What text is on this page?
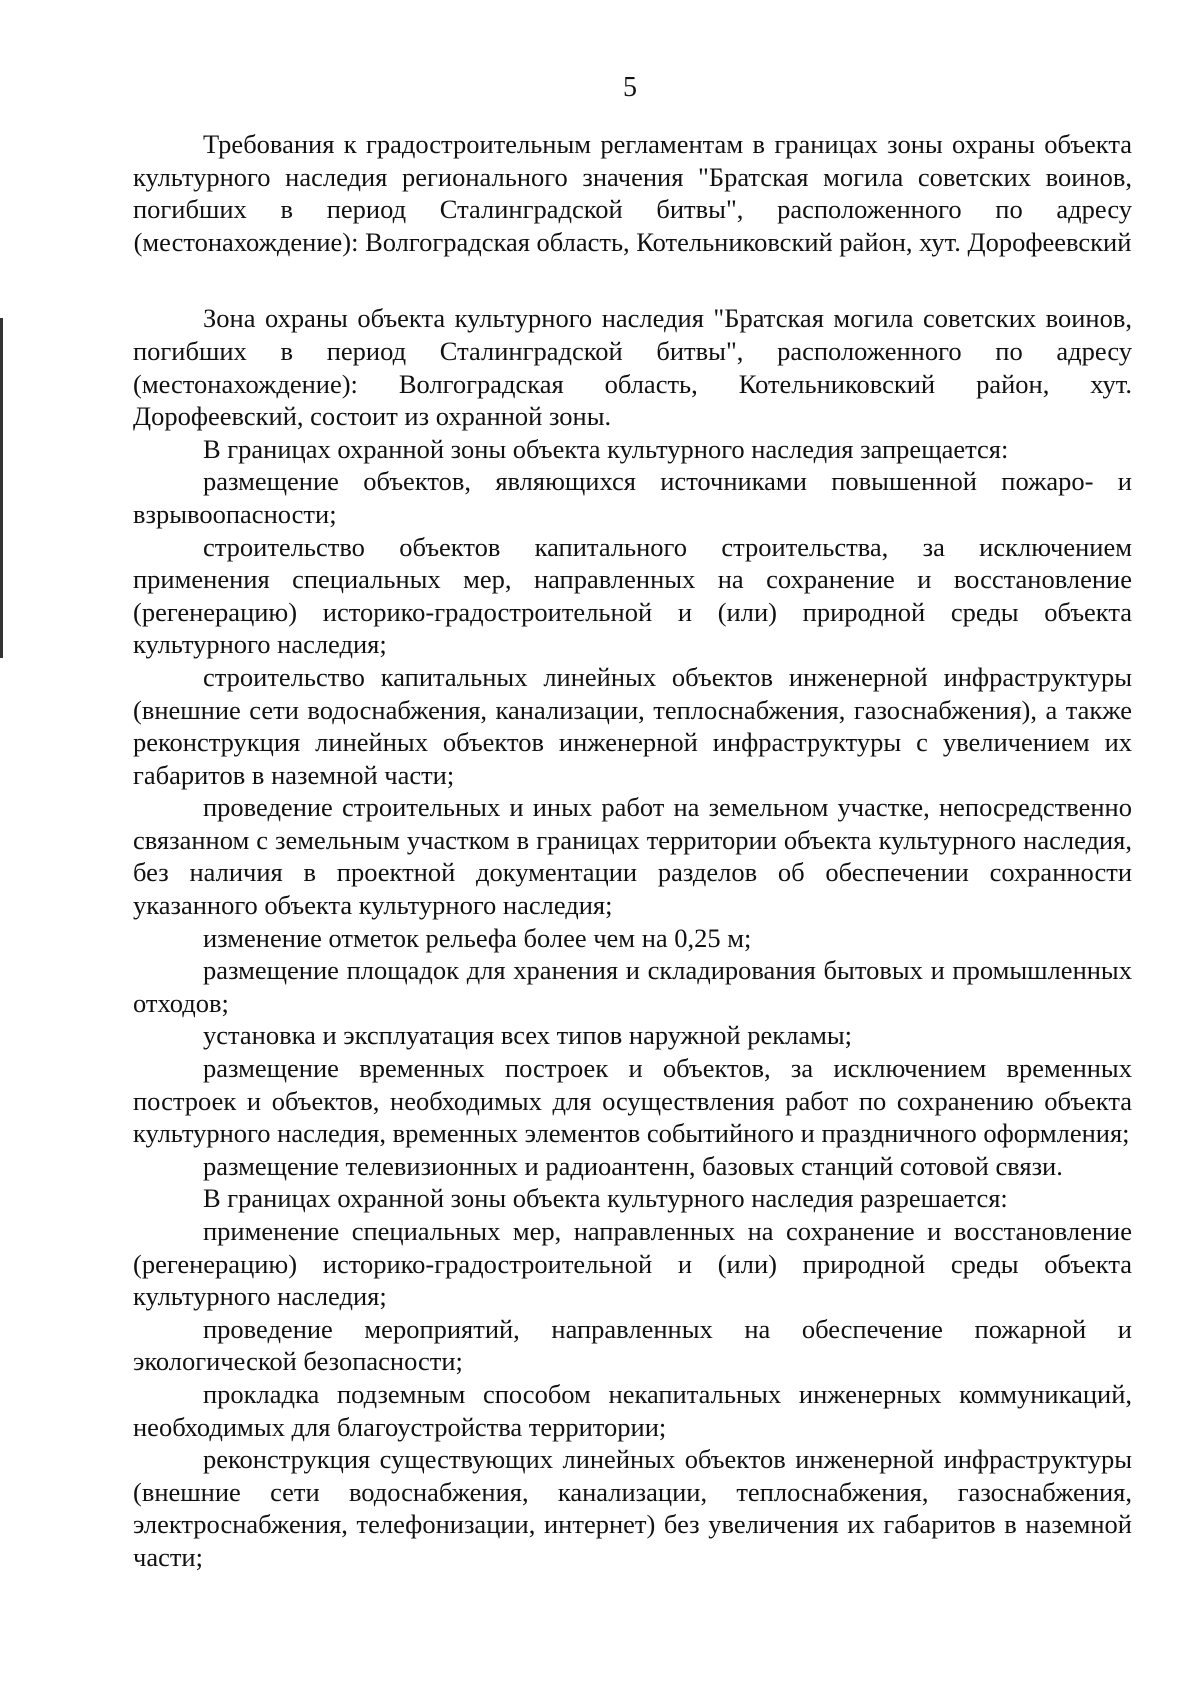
5

Требования к градостроительным регламентам в границах зоны охраны объекта культурного наследия регионального значения "Братская могила советских воинов, погибших в период Сталинградской битвы", расположенного по адресу (местонахождение): Волгоградская область, Котельниковский район, хут. Дорофеевский

Зона охраны объекта культурного наследия "Братская могила советских воинов, погибших в период Сталинградской битвы", расположенного по адресу (местонахождение): Волгоградская область, Котельниковский район, хут. Дорофеевский, состоит из охранной зоны.

В границах охранной зоны объекта культурного наследия запрещается:

размещение объектов, являющихся источниками повышенной пожаро- и взрывоопасности;

строительство объектов капитального строительства, за исключением применения специальных мер, направленных на сохранение и восстановление (регенерацию) историко-градостроительной и (или) природной среды объекта культурного наследия;

строительство капитальных линейных объектов инженерной инфраструктуры (внешние сети водоснабжения, канализации, теплоснабжения, газоснабжения), а также реконструкция линейных объектов инженерной инфраструктуры с увеличением их габаритов в наземной части;

проведение строительных и иных работ на земельном участке, непосредственно связанном с земельным участком в границах территории объекта культурного наследия, без наличия в проектной документации разделов об обеспечении сохранности указанного объекта культурного наследия;

изменение отметок рельефа более чем на 0,25 м;

размещение площадок для хранения и складирования бытовых и промышленных отходов;

установка и эксплуатация всех типов наружной рекламы;

размещение временных построек и объектов, за исключением временных построек и объектов, необходимых для осуществления работ по сохранению объекта культурного наследия, временных элементов событийного и праздничного оформления;

размещение телевизионных и радиоантенн, базовых станций сотовой связи.

В границах охранной зоны объекта культурного наследия разрешается:

применение специальных мер, направленных на сохранение и восстановление (регенерацию) историко-градостроительной и (или) природной среды объекта культурного наследия;

проведение мероприятий, направленных на обеспечение пожарной и экологической безопасности;

прокладка подземным способом некапитальных инженерных коммуникаций, необходимых для благоустройства территории;

реконструкция существующих линейных объектов инженерной инфраструктуры (внешние сети водоснабжения, канализации, теплоснабжения, газоснабжения, электроснабжения, телефонизации, интернет) без увеличения их габаритов в наземной части;
